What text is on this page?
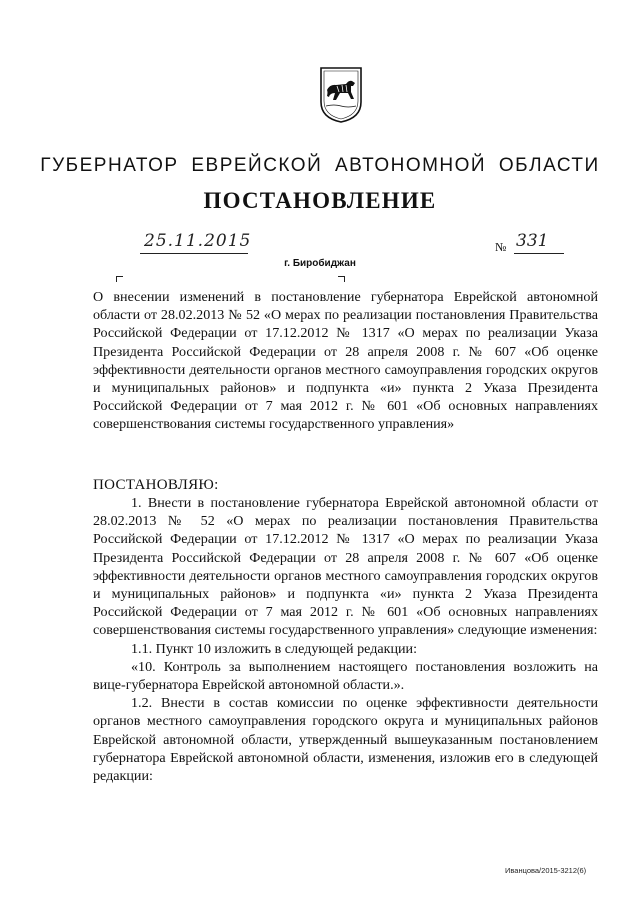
ГУБЕРНАТОР ЕВРЕЙСКОЙ АВТОНОМНОЙ ОБЛАСТИ
ПОСТАНОВЛЕНИЕ
25.11.2015	№ 331
г. Биробиджан
О внесении изменений в постановление губернатора Еврейской автономной области от 28.02.2013 № 52 «О мерах по реализации постановления Правительства Российской Федерации от 17.12.2012 № 1317 «О мерах по реализации Указа Президента Российской Федерации от 28 апреля 2008 г. № 607 «Об оценке эффективности деятельности органов местного самоуправления городских округов и муниципальных районов» и подпункта «и» пункта 2 Указа Президента Российской Федерации от 7 мая 2012 г. № 601 «Об основных направлениях совершенствования системы государственного управления»
ПОСТАНОВЛЯЮ:

1. Внести в постановление губернатора Еврейской автономной области от 28.02.2013 № 52 «О мерах по реализации постановления Правительства Российской Федерации от 17.12.2012 № 1317 «О мерах по реализации Указа Президента Российской Федерации от 28 апреля 2008 г. № 607 «Об оценке эффективности деятельности органов местного самоуправления городских округов и муниципальных районов» и подпункта «и» пункта 2 Указа Президента Российской Федерации от 7 мая 2012 г. № 601 «Об основных направлениях совершенствования системы государственного управления» следующие изменения:

1.1. Пункт 10 изложить в следующей редакции:

«10. Контроль за выполнением настоящего постановления возложить на вице-губернатора Еврейской автономной области.».

1.2. Внести в состав комиссии по оценке эффективности деятельности органов местного самоуправления городского округа и муниципальных районов Еврейской автономной области, утвержденный вышеуказанным постановлением губернатора Еврейской автономной области, изменения, изложив его в следующей редакции:

Иванцова/2015-3212(6)
